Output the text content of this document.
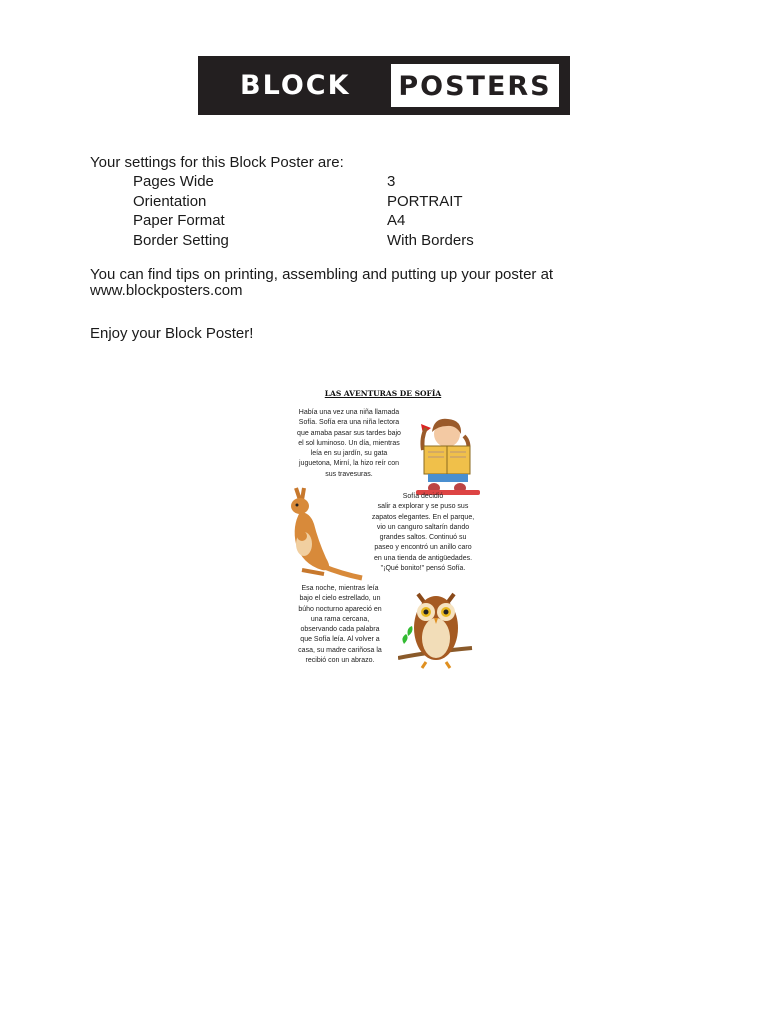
BLOCK POSTERS
Your settings for this Block Poster are:
Pages Wide	3
Orientation	PORTRAIT
Paper Format	A4
Border Setting	With Borders
You can find tips on printing, assembling and putting up your poster at
www.blockposters.com
Enjoy your Block Poster!
LAS AVENTURAS DE SOFÍA
Había una vez una niña llamada
Sofía. Sofía era una niña lectora
que amaba pasar sus tardes bajo
el sol luminoso. Un día, mientras
leía en su jardín, su gata
juguetona, Mirní, la hizo reír con
sus travesuras.
Sofía decidió
salir a explorar y se puso sus
zapatos elegantes. En el parque,
vio un canguro saltarín dando
grandes saltos. Continuó su
paseo y encontró un anillo caro
en una tienda de antigüedades.
"¡Qué bonito!" pensó Sofía.
Esa noche, mientras leía
bajo el cielo estrellado, un
búho nocturno apareció en
una rama cercana,
observando cada palabra
que Sofía leía. Al volver a
casa, su madre cariñosa la
recibió con un abrazo.
